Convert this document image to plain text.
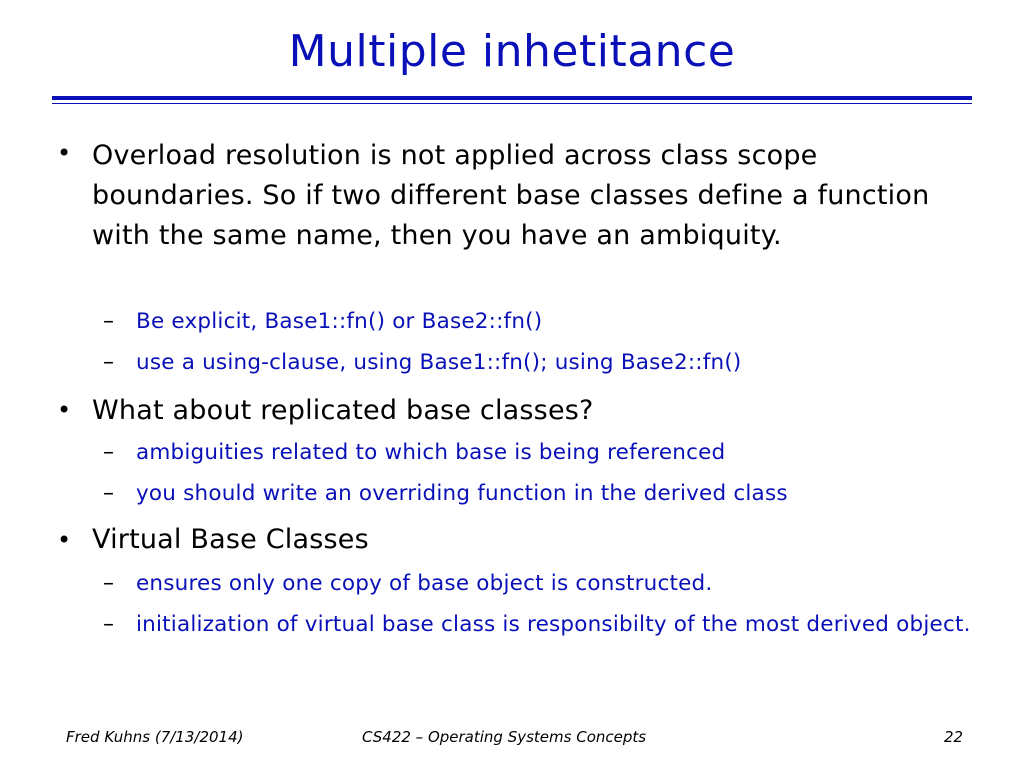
Multiple inhetitance
• Overload resolution is not applied across class scope boundaries. So if two different base classes define a function with the same name, then you have an ambiquity.
– Be explicit, Base1::fn() or Base2::fn()
– use a using-clause, using Base1::fn(); using Base2::fn()
• What about replicated base classes?
– ambiguities related to which base is being referenced
– you should write an overriding function in the derived class
• Virtual Base Classes
– ensures only one copy of base object is constructed.
– initialization of virtual base class is responsibilty of the most derived object.
Fred Kuhns (7/13/2014)	CS422 – Operating Systems Concepts	22
